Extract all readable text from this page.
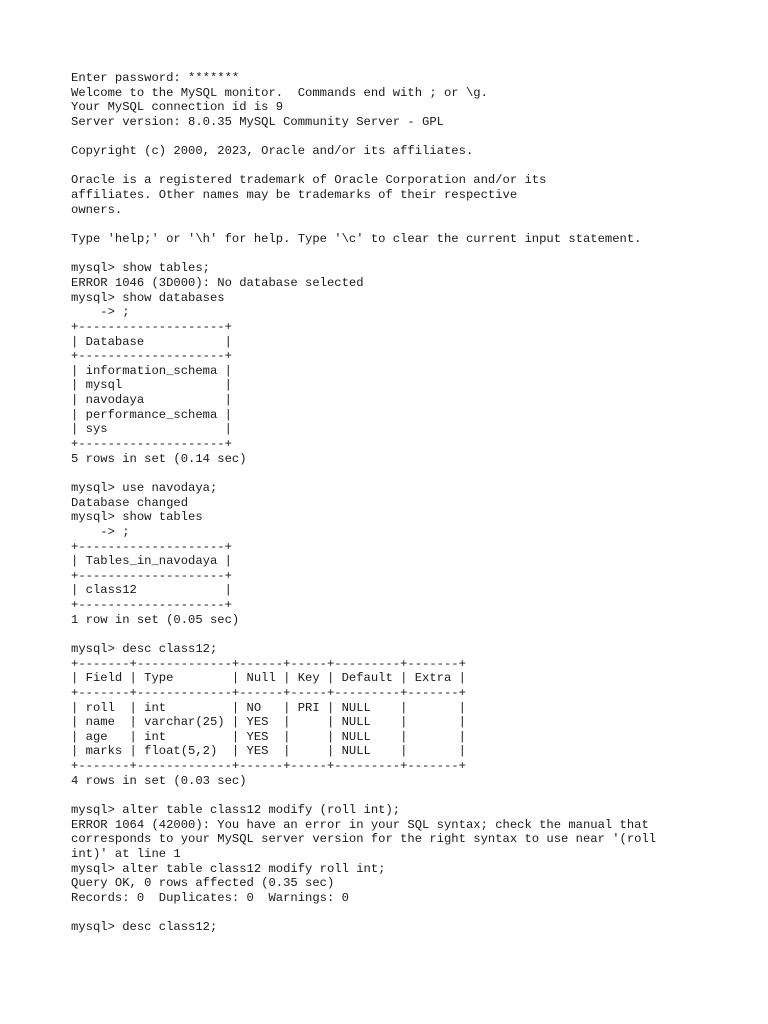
Enter password: *******
Welcome to the MySQL monitor.  Commands end with ; or \g.
Your MySQL connection id is 9
Server version: 8.0.35 MySQL Community Server - GPL
Copyright (c) 2000, 2023, Oracle and/or its affiliates.
Oracle is a registered trademark of Oracle Corporation and/or its
affiliates. Other names may be trademarks of their respective
owners.
Type 'help;' or '\h' for help. Type '\c' to clear the current input statement.
mysql> show tables;
ERROR 1046 (3D000): No database selected
mysql> show databases
-> ;
+--------------------+
| Database           |
+--------------------+
| information_schema |
| mysql              |
| navodaya           |
| performance_schema |
| sys                |
+--------------------+
5 rows in set (0.14 sec)
mysql> use navodaya;
Database changed
mysql> show tables
-> ;
+--------------------+
| Tables_in_navodaya |
+--------------------+
| class12            |
+--------------------+
1 row in set (0.05 sec)
mysql> desc class12;
+-------+-------------+------+-----+---------+-------+
| Field | Type        | Null | Key | Default | Extra |
+-------+-------------+------+-----+---------+-------+
| roll  | int         | NO   | PRI | NULL    |       |
| name  | varchar(25) | YES  |     | NULL    |       |
| age   | int         | YES  |     | NULL    |       |
| marks | float(5,2)  | YES  |     | NULL    |       |
+-------+-------------+------+-----+---------+-------+
4 rows in set (0.03 sec)
mysql> alter table class12 modify (roll int);
ERROR 1064 (42000): You have an error in your SQL syntax; check the manual that
corresponds to your MySQL server version for the right syntax to use near '(roll
int)' at line 1
mysql> alter table class12 modify roll int;
Query OK, 0 rows affected (0.35 sec)
Records: 0  Duplicates: 0  Warnings: 0
mysql> desc class12;
